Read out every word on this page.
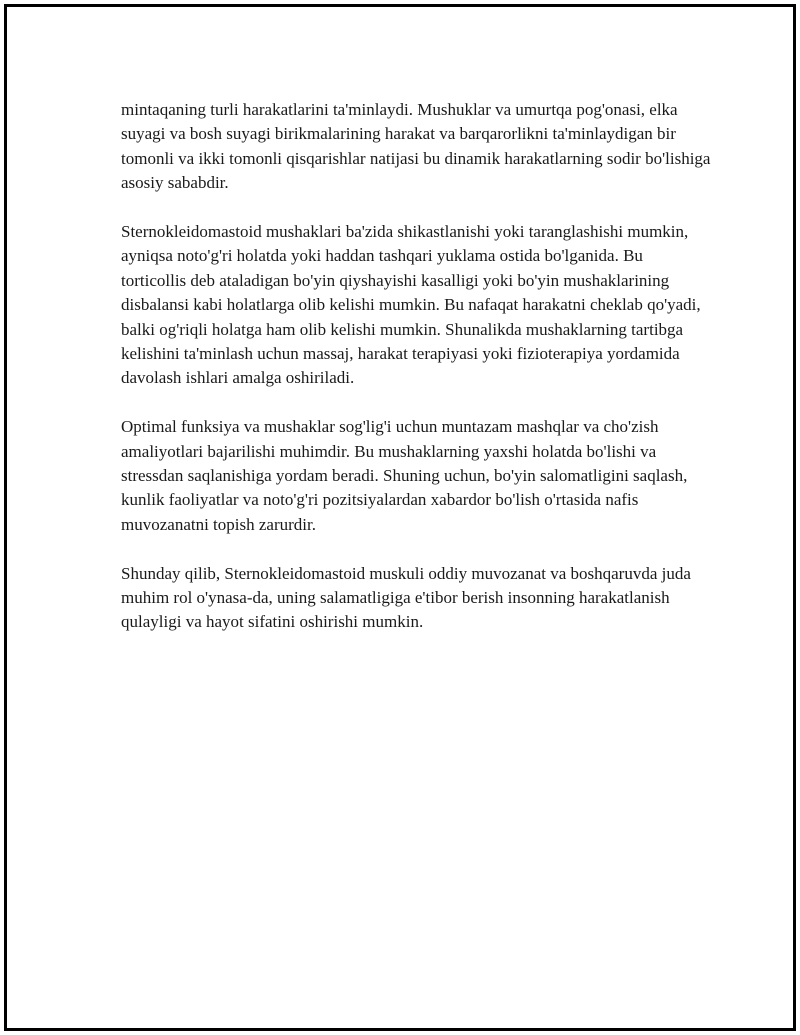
mintaqaning turli harakatlarini ta'minlaydi. Mushuklar va umurtqa pog'onasi, elka suyagi va bosh suyagi birikmalarining harakat va barqarorlikni ta'minlaydigan bir tomonli va ikki tomonli qisqarishlar natijasi bu dinamik harakatlarning sodir bo'lishiga asosiy sababdir.

Sternokleidomastoid mushaklari ba'zida shikastlanishi yoki taranglashishi mumkin, ayniqsa noto'g'ri holatda yoki haddan tashqari yuklama ostida bo'lganida. Bu torticollis deb ataladigan bo'yin qiyshayishi kasalligi yoki bo'yin mushaklarining disbalansi kabi holatlarga olib kelishi mumkin. Bu nafaqat harakatni cheklab qo'yadi, balki og'riqli holatga ham olib kelishi mumkin. Shunalikda mushaklarning tartibga kelishini ta'minlash uchun massaj, harakat terapiyasi yoki fizioterapiya yordamida davolash ishlari amalga oshiriladi.

Optimal funksiya va mushaklar sog'lig'i uchun muntazam mashqlar va cho'zish amaliyotlari bajarilishi muhimdir. Bu mushaklarning yaxshi holatda bo'lishi va stressdan saqlanishiga yordam beradi. Shuning uchun, bo'yin salomatligini saqlash, kunlik faoliyatlar va noto'g'ri pozitsiyalardan xabardor bo'lish o'rtasida nafis muvozanatni topish zarurdir.

Shunday qilib, Sternokleidomastoid muskuli oddiy muvozanat va boshqaruvda juda muhim rol o'ynasa-da, uning salamatligiga e'tibor berish insonning harakatlanish qulayligi va hayot sifatini oshirishi mumkin.
